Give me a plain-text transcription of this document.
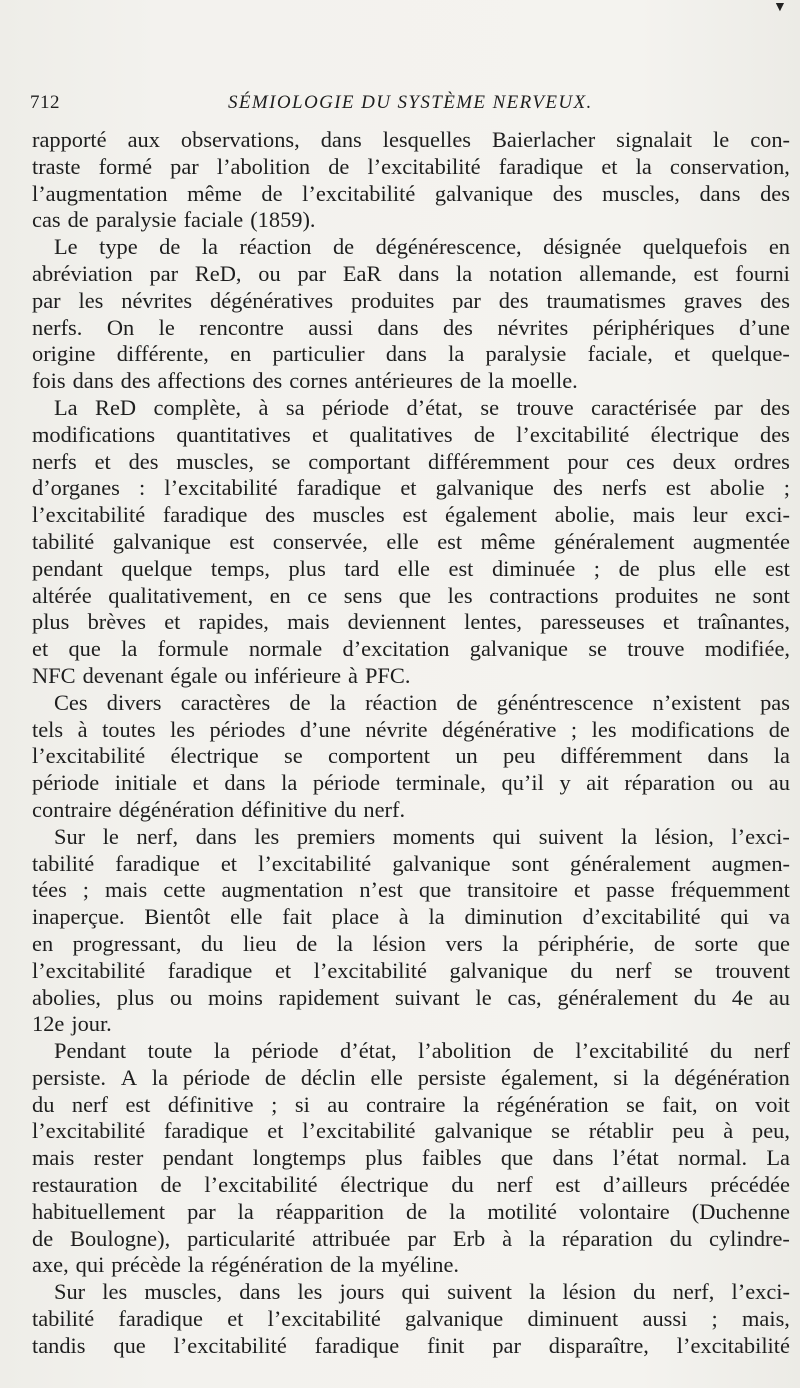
▼
712	SÉMIOLOGIE DU SYSTÈME NERVEUX.
rapporté aux observations, dans lesquelles Baierlacher signalait le con-
traste formé par l’abolition de l’excitabilité faradique et la conservation,
l’augmentation même de l’excitabilité galvanique des muscles, dans des
cas de paralysie faciale (1859).
Le type de la réaction de dégénérescence, désignée quelquefois en
abréviation par ReD, ou par EaR dans la notation allemande, est fourni
par les névrites dégénératives produites par des traumatismes graves des
nerfs. On le rencontre aussi dans des névrites périphériques d’une
origine différente, en particulier dans la paralysie faciale, et quelque-
fois dans des affections des cornes antérieures de la moelle.
La ReD complète, à sa période d’état, se trouve caractérisée par des
modifications quantitatives et qualitatives de l’excitabilité électrique des
nerfs et des muscles, se comportant différemment pour ces deux ordres
d’organes : l’excitabilité faradique et galvanique des nerfs est abolie ;
l’excitabilité faradique des muscles est également abolie, mais leur exci-
tabilité galvanique est conservée, elle est même généralement augmentée
pendant quelque temps, plus tard elle est diminuée ; de plus elle est
altérée qualitativement, en ce sens que les contractions produites ne sont
plus brèves et rapides, mais deviennent lentes, paresseuses et traînantes,
et que la formule normale d’excitation galvanique se trouve modifiée,
NFC devenant égale ou inférieure à PFC.
Ces divers caractères de la réaction de généntrescence n’existent pas
tels à toutes les périodes d’une névrite dégénérative ; les modifications de
l’excitabilité électrique se comportent un peu différemment dans la
période initiale et dans la période terminale, qu’il y ait réparation ou au
contraire dégénération définitive du nerf.
Sur le nerf, dans les premiers moments qui suivent la lésion, l’exci-
tabilité faradique et l’excitabilité galvanique sont généralement augmen-
tées ; mais cette augmentation n’est que transitoire et passe fréquemment
inaperçue. Bientôt elle fait place à la diminution d’excitabilité qui va
en progressant, du lieu de la lésion vers la périphérie, de sorte que
l’excitabilité faradique et l’excitabilité galvanique du nerf se trouvent
abolies, plus ou moins rapidement suivant le cas, généralement du 4e au
12e jour.
Pendant toute la période d’état, l’abolition de l’excitabilité du nerf
persiste. A la période de déclin elle persiste également, si la dégénération
du nerf est définitive ; si au contraire la régénération se fait, on voit
l’excitabilité faradique et l’excitabilité galvanique se rétablir peu à peu,
mais rester pendant longtemps plus faibles que dans l’état normal. La
restauration de l’excitabilité électrique du nerf est d’ailleurs précédée
habituellement par la réapparition de la motilité volontaire (Duchenne
de Boulogne), particularité attribuée par Erb à la réparation du cylindre-
axe, qui précède la régénération de la myéline.
Sur les muscles, dans les jours qui suivent la lésion du nerf, l’exci-
tabilité faradique et l’excitabilité galvanique diminuent aussi ; mais,
tandis que l’excitabilité faradique finit par disparaître, l’excitabilité
